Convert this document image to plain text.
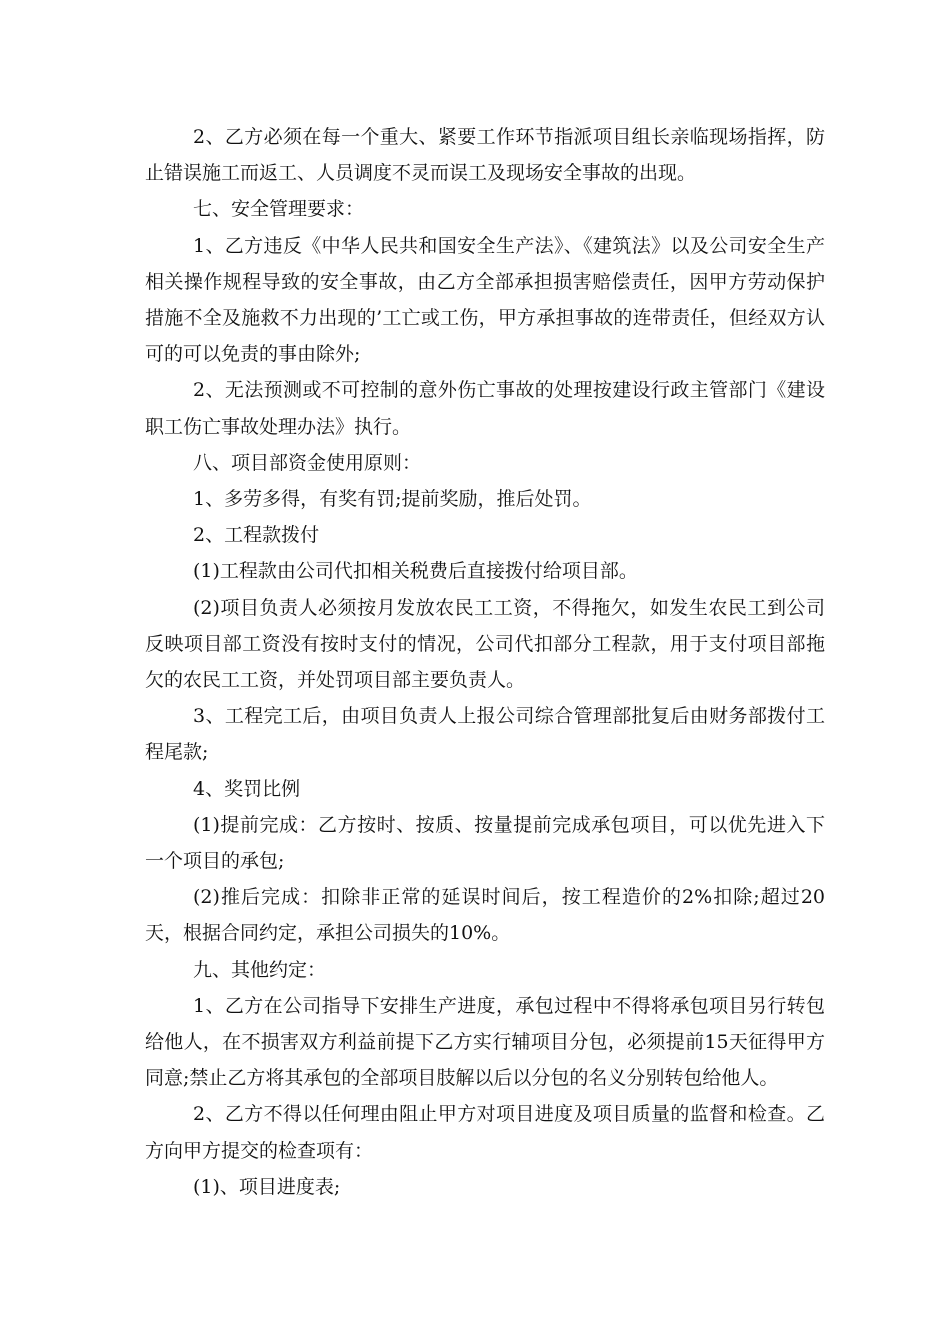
2、乙方必须在每一个重大、紧要工作环节指派项目组长亲临现场指挥，防止错误施工而返工、人员调度不灵而误工及现场安全事故的出现。

七、安全管理要求：

1、乙方违反《中华人民共和国安全生产法》、《建筑法》以及公司安全生产相关操作规程导致的安全事故，由乙方全部承担损害赔偿责任，因甲方劳动保护措施不全及施救不力出现的’工亡或工伤，甲方承担事故的连带责任，但经双方认可的可以免责的事由除外;

2、无法预测或不可控制的意外伤亡事故的处理按建设行政主管部门《建设职工伤亡事故处理办法》执行。

八、项目部资金使用原则：

1、多劳多得，有奖有罚;提前奖励，推后处罚。

2、工程款拨付

(1)工程款由公司代扣相关税费后直接拨付给项目部。

(2)项目负责人必须按月发放农民工工资，不得拖欠，如发生农民工到公司反映项目部工资没有按时支付的情况，公司代扣部分工程款，用于支付项目部拖欠的农民工工资，并处罚项目部主要负责人。

3、工程完工后，由项目负责人上报公司综合管理部批复后由财务部拨付工程尾款;

4、奖罚比例

(1)提前完成：乙方按时、按质、按量提前完成承包项目，可以优先进入下一个项目的承包;

(2)推后完成：扣除非正常的延误时间后，按工程造价的2%扣除;超过20天，根据合同约定，承担公司损失的10%。

九、其他约定：

1、乙方在公司指导下安排生产进度，承包过程中不得将承包项目另行转包给他人，在不损害双方利益前提下乙方实行辅项目分包，必须提前15天征得甲方同意;禁止乙方将其承包的全部项目肢解以后以分包的名义分别转包给他人。

2、乙方不得以任何理由阻止甲方对项目进度及项目质量的监督和检查。乙方向甲方提交的检查项有：

(1)、项目进度表;
